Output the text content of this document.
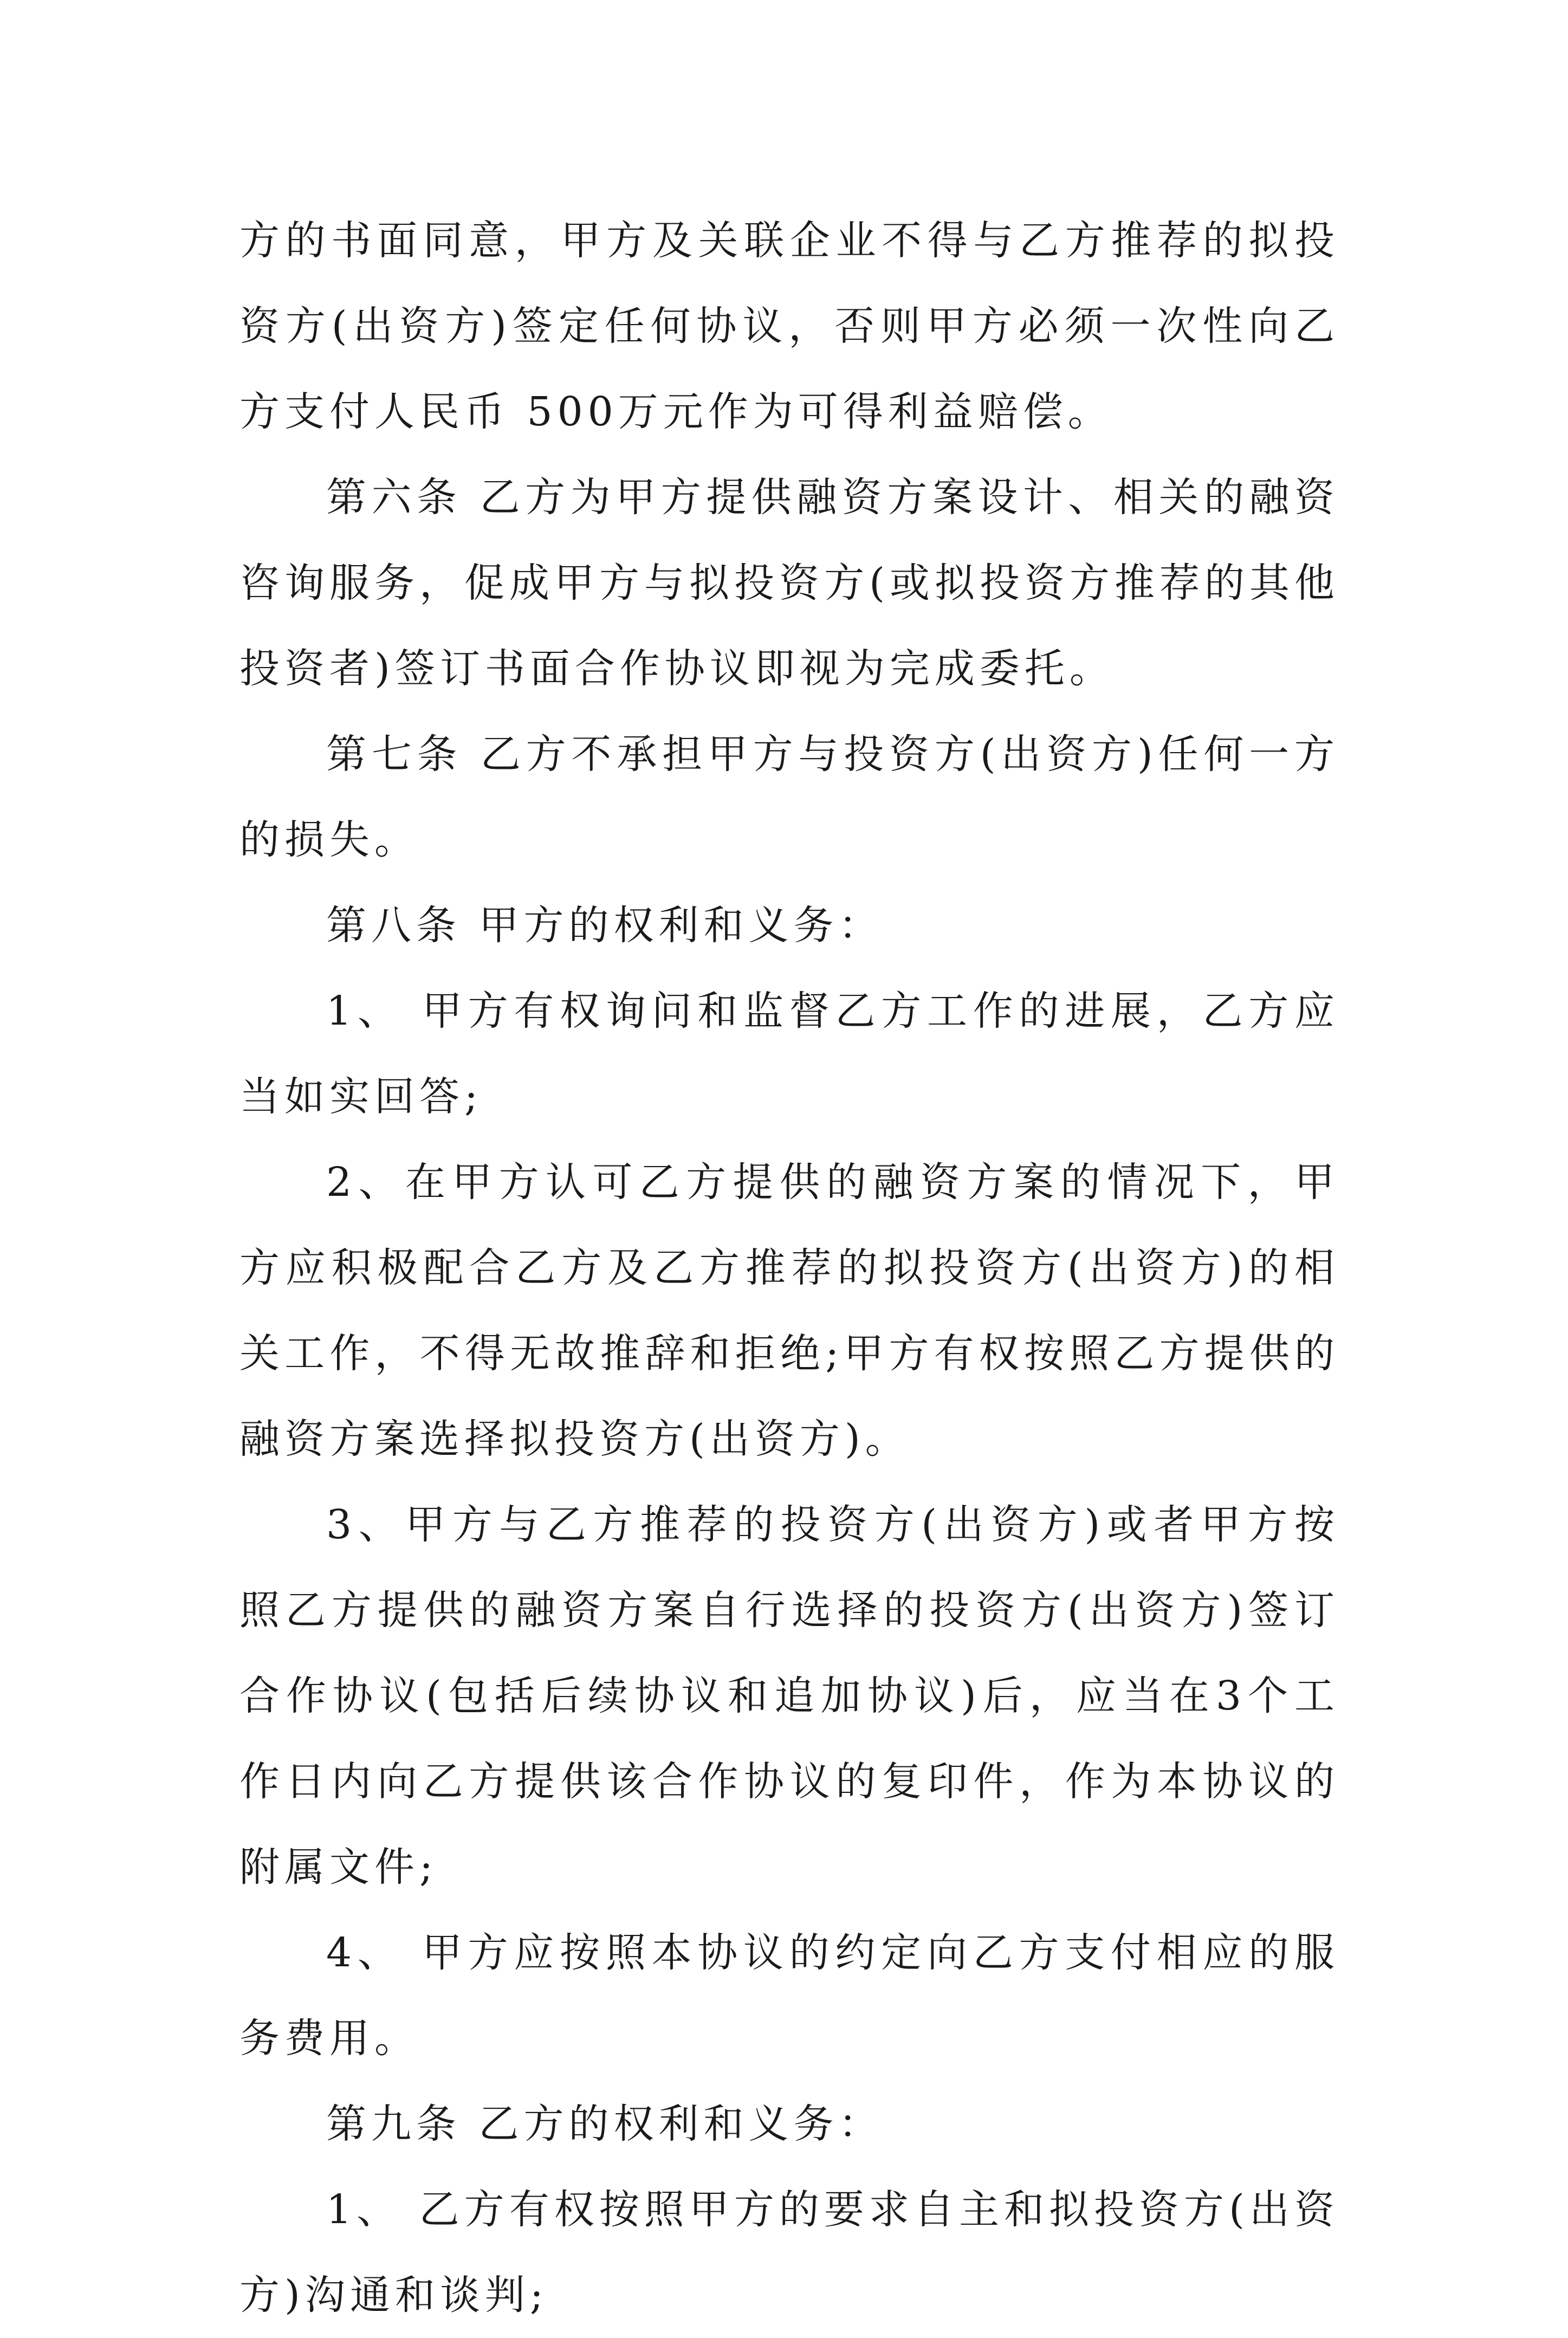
方的书面同意，甲方及关联企业不得与乙方推荐的拟投资方(出资方)签定任何协议，否则甲方必须一次性向乙方支付人民币 500万元作为可得利益赔偿。

第六条 乙方为甲方提供融资方案设计、相关的融资咨询服务，促成甲方与拟投资方(或拟投资方推荐的其他投资者)签订书面合作协议即视为完成委托。

第七条 乙方不承担甲方与投资方(出资方)任何一方的损失。

第八条 甲方的权利和义务：

1、 甲方有权询问和监督乙方工作的进展，乙方应当如实回答;

2、在甲方认可乙方提供的融资方案的情况下，甲方应积极配合乙方及乙方推荐的拟投资方(出资方)的相关工作，不得无故推辞和拒绝;甲方有权按照乙方提供的融资方案选择拟投资方(出资方)。

3、甲方与乙方推荐的投资方(出资方)或者甲方按照乙方提供的融资方案自行选择的投资方(出资方)签订合作协议(包括后续协议和追加协议)后，应当在3个工作日内向乙方提供该合作协议的复印件，作为本协议的附属文件;

4、 甲方应按照本协议的约定向乙方支付相应的服务费用。

第九条 乙方的权利和义务：

1、 乙方有权按照甲方的要求自主和拟投资方(出资方)沟通和谈判;
